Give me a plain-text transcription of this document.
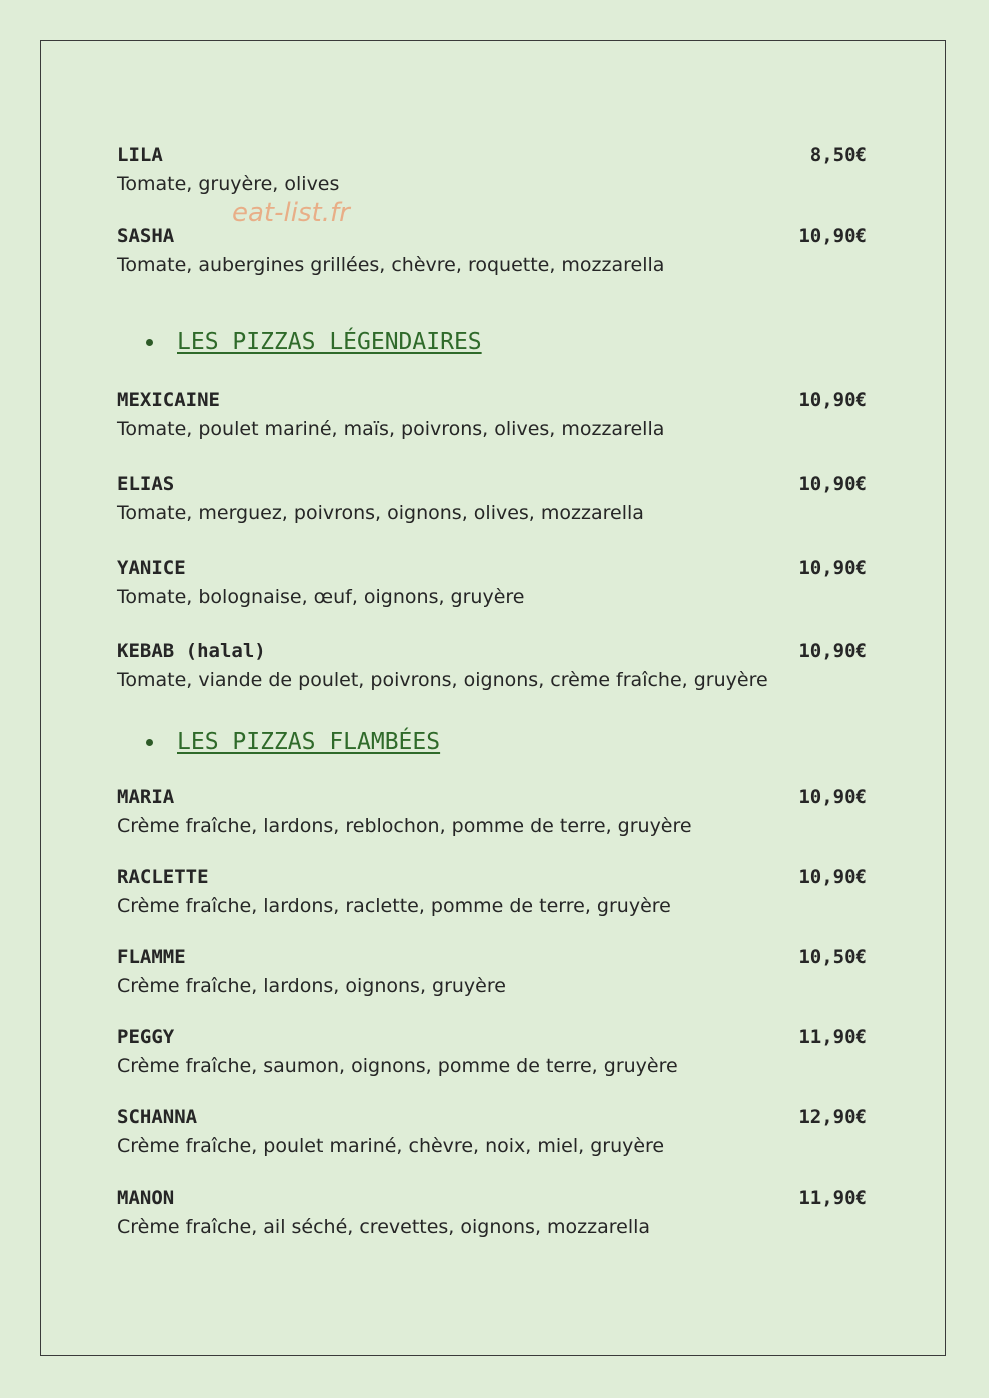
LILA	8,50€
Tomate, gruyère, olives
eat-list.fr
SASHA	10,90€
Tomate, aubergines grillées, chèvre, roquette, mozzarella
LES PIZZAS LÉGENDAIRES
MEXICAINE	10,90€
Tomate, poulet mariné, maïs, poivrons, olives, mozzarella
ELIAS	10,90€
Tomate, merguez, poivrons, oignons, olives, mozzarella
YANICE	10,90€
Tomate, bolognaise, œuf, oignons, gruyère
KEBAB (halal)	10,90€
Tomate, viande de poulet, poivrons, oignons, crème fraîche, gruyère
LES PIZZAS FLAMBÉES
MARIA	10,90€
Crème fraîche, lardons, reblochon, pomme de terre, gruyère
RACLETTE	10,90€
Crème fraîche, lardons, raclette, pomme de terre, gruyère
FLAMME	10,50€
Crème fraîche, lardons, oignons, gruyère
PEGGY	11,90€
Crème fraîche, saumon, oignons, pomme de terre, gruyère
SCHANNA	12,90€
Crème fraîche, poulet mariné, chèvre, noix, miel, gruyère
MANON	11,90€
Crème fraîche, ail séché, crevettes, oignons, mozzarella
